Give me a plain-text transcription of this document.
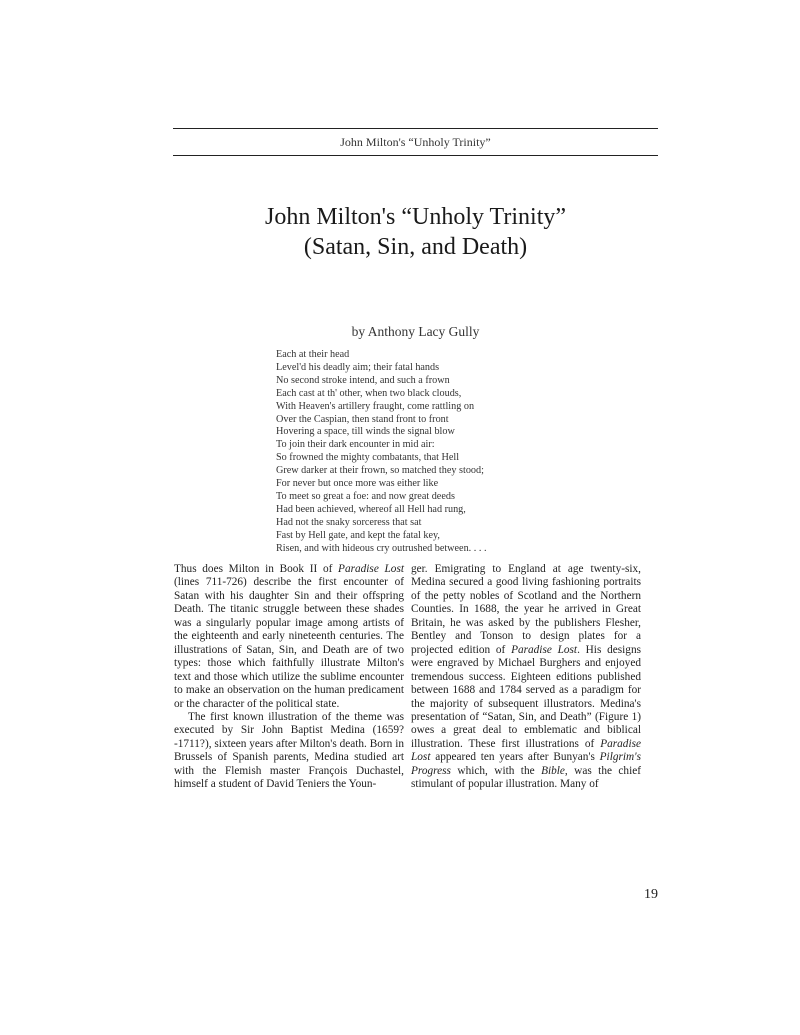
John Milton's “Unholy Trinity”
John Milton's “Unholy Trinity”
(Satan, Sin, and Death)
by Anthony Lacy Gully
Each at their head
Level'd his deadly aim; their fatal hands
No second stroke intend, and such a frown
Each cast at th' other, when two black clouds,
With Heaven's artillery fraught, come rattling on
Over the Caspian, then stand front to front
Hovering a space, till winds the signal blow
To join their dark encounter in mid air:
So frowned the mighty combatants, that Hell
Grew darker at their frown, so matched they stood;
For never but once more was either like
To meet so great a foe: and now great deeds
Had been achieved, whereof all Hell had rung,
Had not the snaky sorceress that sat
Fast by Hell gate, and kept the fatal key,
Risen, and with hideous cry outrushed between. . . .

Thus does Milton in Book II of Paradise Lost (lines 711-726) describe the first encounter of Satan with his daughter Sin and their offspring Death. The titanic struggle between these shades was a singularly popular image among artists of the eighteenth and early nineteenth centuries. The illustrations of Satan, Sin, and Death are of two types: those which faithfully illustrate Milton's text and those which utilize the sublime encounter to make an observation on the human predicament or the character of the political state.

The first known illustration of the theme was executed by Sir John Baptist Medina (1659?-1711?), sixteen years after Milton's death. Born in Brussels of Spanish parents, Medina studied art with the Flemish master François Duchastel, himself a student of David Teniers the Youn-

ger. Emigrating to England at age twenty-six, Medina secured a good living fashioning portraits of the petty nobles of Scotland and the Northern Counties. In 1688, the year he arrived in Great Britain, he was asked by the publishers Flesher, Bentley and Tonson to design plates for a projected edition of Paradise Lost. His designs were engraved by Michael Burghers and enjoyed tremendous success. Eighteen editions published between 1688 and 1784 served as a paradigm for the majority of subsequent illustrators. Medina's presentation of “Satan, Sin, and Death” (Figure 1) owes a great deal to emblematic and biblical illustration. These first illustrations of Paradise Lost appeared ten years after Bunyan's Pilgrim's Progress which, with the Bible, was the chief stimulant of popular illustration. Many of

19
